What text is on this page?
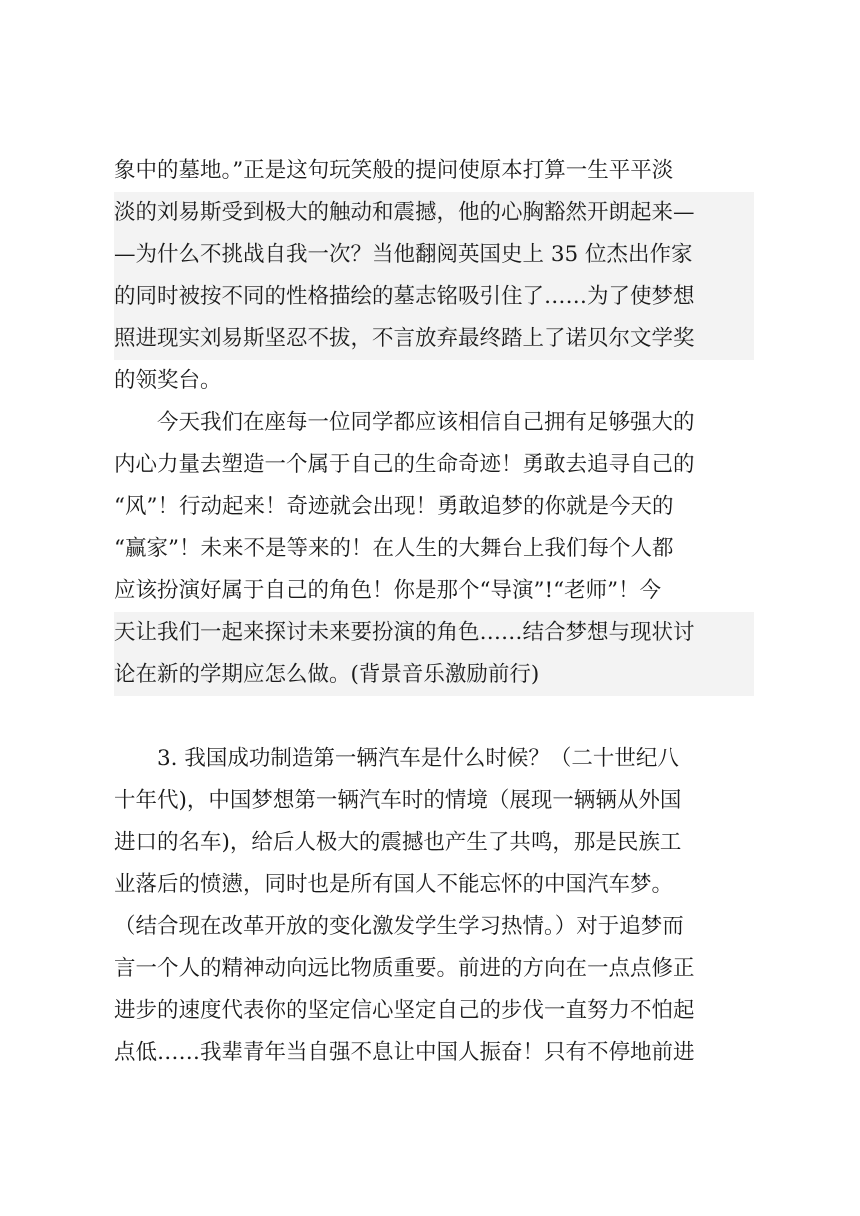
象中的墓地。”正是这句玩笑般的提问使原本打算一生平平淡
淡的刘易斯受到极大的触动和震撼，他的心胸豁然开朗起来—
—为什么不挑战自我一次？当他翻阅英国史上 35 位杰出作家
的同时被按不同的性格描绘的墓志铭吸引住了……为了使梦想
照进现实刘易斯坚忍不拔，不言放弃最终踏上了诺贝尔文学奖
的领奖台。
　　今天我们在座每一位同学都应该相信自己拥有足够强大的
内心力量去塑造一个属于自己的生命奇迹！勇敢去追寻自己的
“风”！行动起来！奇迹就会出现！勇敢追梦的你就是今天的
“赢家”！未来不是等来的！在人生的大舞台上我们每个人都
应该扮演好属于自己的角色！你是那个“导演”!“老师”！今
天让我们一起来探讨未来要扮演的角色……结合梦想与现状讨
论在新的学期应怎么做。(背景音乐激励前行)
　　3. 我国成功制造第一辆汽车是什么时候？（二十世纪八
十年代)，中国梦想第一辆汽车时的情境（展现一辆辆从外国
进口的名车)，给后人极大的震撼也产生了共鸣，那是民族工
业落后的愤懑，同时也是所有国人不能忘怀的中国汽车梦。
（结合现在改革开放的变化激发学生学习热情。）对于追梦而
言一个人的精神动向远比物质重要。前进的方向在一点点修正
进步的速度代表你的坚定信心坚定自己的步伐一直努力不怕起
点低……我辈青年当自强不息让中国人振奋！只有不停地前进
